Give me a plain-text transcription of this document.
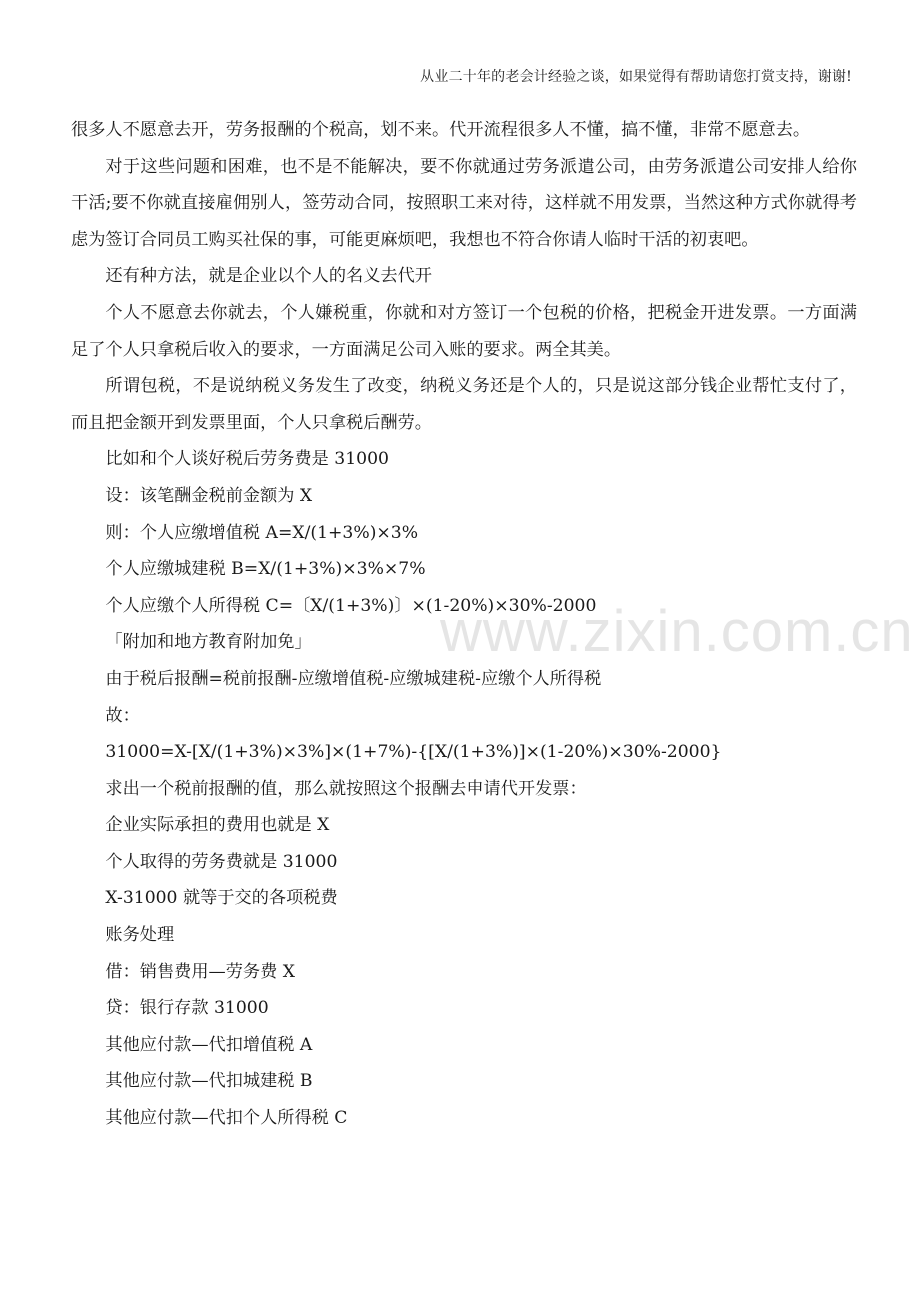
从业二十年的老会计经验之谈，如果觉得有帮助请您打赏支持，谢谢!
www.zixin.com.cn

很多人不愿意去开，劳务报酬的个税高，划不来。代开流程很多人不懂，搞不懂，非常不愿意去。

对于这些问题和困难，也不是不能解决，要不你就通过劳务派遣公司，由劳务派遣公司安排人给你干活;要不你就直接雇佣别人，签劳动合同，按照职工来对待，这样就不用发票，当然这种方式你就得考虑为签订合同员工购买社保的事，可能更麻烦吧，我想也不符合你请人临时干活的初衷吧。

还有种方法，就是企业以个人的名义去代开

个人不愿意去你就去，个人嫌税重，你就和对方签订一个包税的价格，把税金开进发票。一方面满足了个人只拿税后收入的要求，一方面满足公司入账的要求。两全其美。

所谓包税，不是说纳税义务发生了改变，纳税义务还是个人的，只是说这部分钱企业帮忙支付了，而且把金额开到发票里面，个人只拿税后酬劳。

比如和个人谈好税后劳务费是 31000

设：该笔酬金税前金额为 X

则：个人应缴增值税 A=X/(1+3%)×3%

个人应缴城建税 B=X/(1+3%)×3%×7%

个人应缴个人所得税 C=〔X/(1+3%)〕×(1-20%)×30%-2000

「附加和地方教育附加免」

由于税后报酬=税前报酬-应缴增值税-应缴城建税-应缴个人所得税

故：

31000=X-[X/(1+3%)×3%]×(1+7%)-{[X/(1+3%)]×(1-20%)×30%-2000}

求出一个税前报酬的值，那么就按照这个报酬去申请代开发票：

企业实际承担的费用也就是 X

个人取得的劳务费就是 31000

X-31000 就等于交的各项税费

账务处理

借：销售费用—劳务费 X

贷：银行存款 31000

其他应付款—代扣增值税 A

其他应付款—代扣城建税 B

其他应付款—代扣个人所得税 C
